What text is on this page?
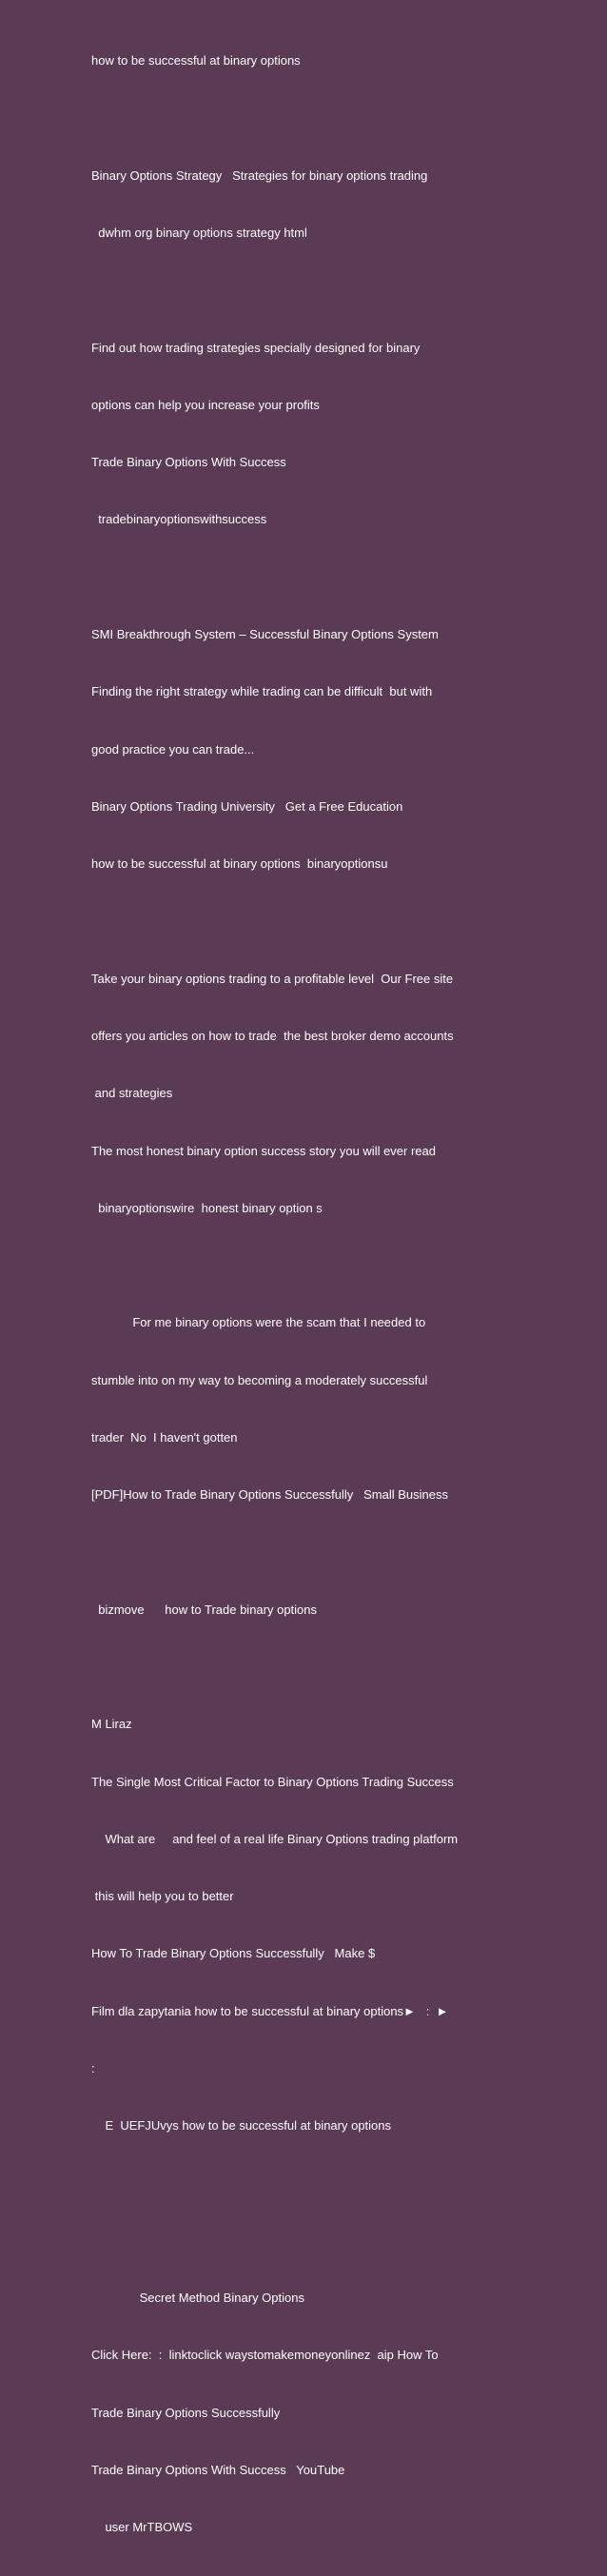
how to be successful at binary options

Binary Options Strategy   Strategies for binary options trading

dwhm org binary options strategy html

Find out how trading strategies specially designed for binary

options can help you increase your profits

Trade Binary Options With Success

tradebinaryoptionswithsuccess

SMI Breakthrough System – Successful Binary Options System

Finding the right strategy while trading can be difficult  but with

good practice you can trade...

Binary Options Trading University   Get a Free Education

how to be successful at binary options  binaryoptionsu

Take your binary options trading to a profitable level  Our Free site

offers you articles on how to trade  the best broker demo accounts

and strategies

The most honest binary option success story you will ever read

binaryoptionswire  honest binary option s

For me binary options were the scam that I needed to

stumble into on my way to becoming a moderately successful

trader  No  I haven't gotten

[PDF]How to Trade Binary Options Successfully   Small Business

bizmove      how to Trade binary options

M Liraz

The Single Most Critical Factor to Binary Options Trading Success

What are     and feel of a real life Binary Options trading platform

this will help you to better

How To Trade Binary Options Successfully   Make $

Film dla zapytania how to be successful at binary options►   :  ►

:

E  UEFJUvys how to be successful at binary options

Secret Method Binary Options

Click Here:  :  linktoclick waystomakemoneyonlinez  aip How To

Trade Binary Options Successfully

Trade Binary Options With Success   YouTube

user MrTBOWS
